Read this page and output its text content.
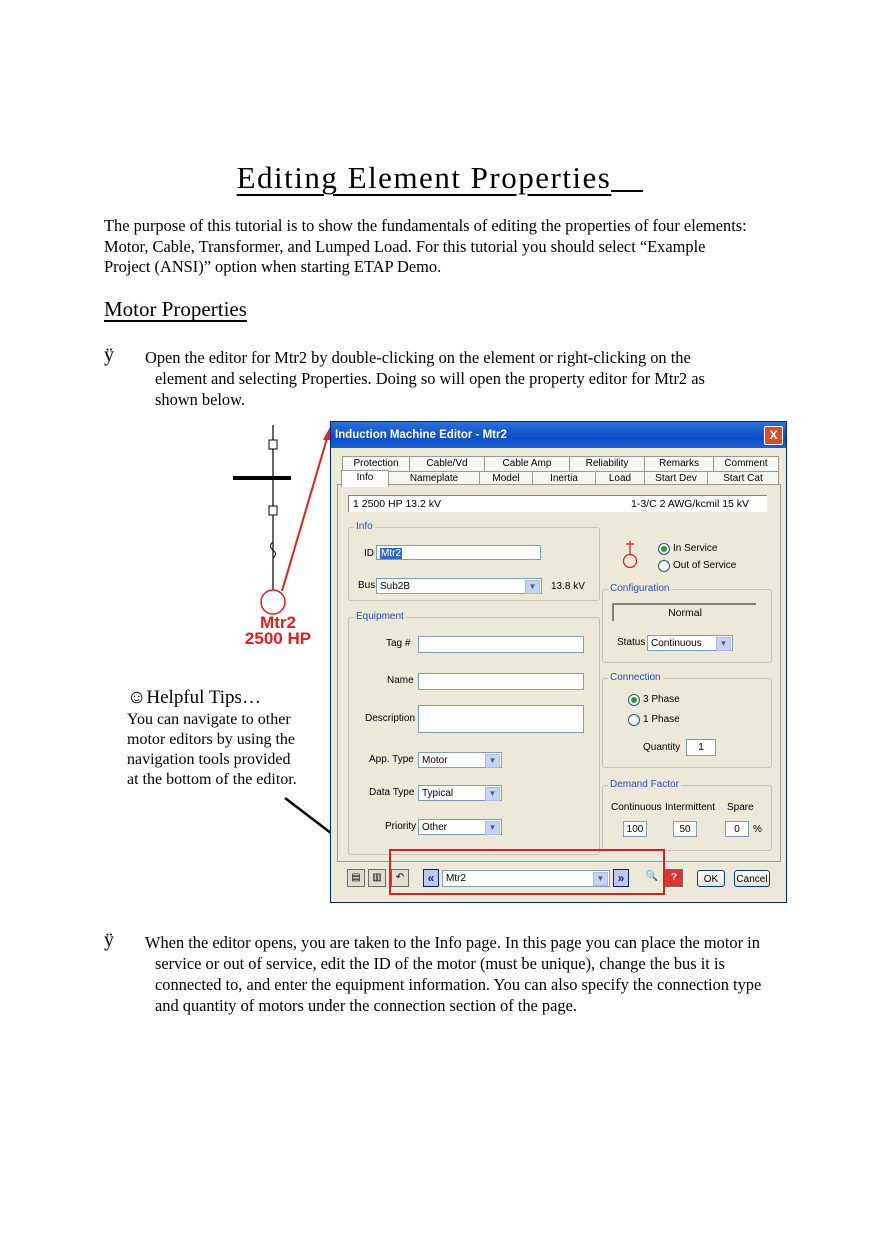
Editing Element Properties
The purpose of this tutorial is to show the fundamentals of editing the properties of four elements: Motor, Cable, Transformer, and Lumped Load. For this tutorial you should select “Example Project (ANSI)” option when starting ETAP Demo.
Motor Properties
ÿ Open the editor for Mtr2 by double-clicking on the element or right-clicking on the element and selecting Properties. Doing so will open the property editor for Mtr2 as shown below.
Mtr2
2500 HP
☺Helpful Tips…
You can navigate to other motor editors by using the navigation tools provided at the bottom of the editor.
Induction Machine Editor - Mtr2	X
Protection	Cable/Vd	Cable Amp	Reliability	Remarks	Comment
Info	Nameplate	Model	Inertia	Load	Start Dev	Start Cat
1 2500 HP 13.2 kV	1-3/C 2 AWG/kcmil 15 kV
Info
ID Mtr2
Bus Sub2B	▼	13.8 kV
In Service
Out of Service
Configuration
Normal
Status Continuous	▼
Equipment
Tag #
Name
Description
App. Type Motor	▼
Data Type Typical	▼
Priority Other	▼
Connection
3 Phase
1 Phase
Quantity	1
Demand Factor
Continuous Intermittent Spare
100	50	0	%
▤	▥	↶	«	Mtr2	▼	»	🔍	?	OK	Cancel
ÿ When the editor opens, you are taken to the Info page. In this page you can place the motor in service or out of service, edit the ID of the motor (must be unique), change the bus it is connected to, and enter the equipment information. You can also specify the connection type and quantity of motors under the connection section of the page.
